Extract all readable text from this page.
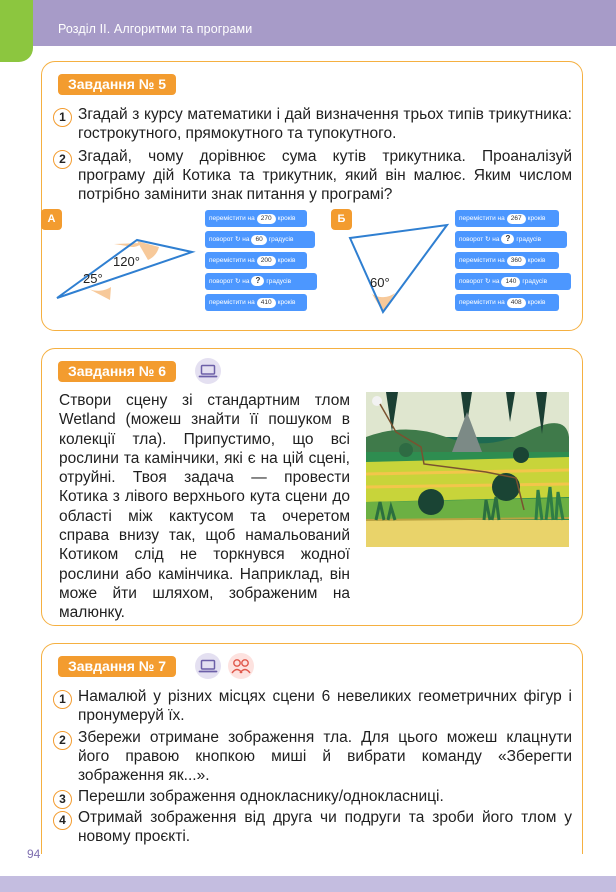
Розділ ІІ. Алгоритми та програми
Завдання № 5
1 Згадай з курсу математики і дай визначення трьох типів трикутника: гострокутного, прямокутного та тупокутного.
2 Згадай, чому дорівнює сума кутів трикутника. Проаналізуй програму дій Котика та трикутник, який він малює. Яким числом потрібно замінити знак питання у програмі?
А
120°
25°
перемістити на 270 кроків
поворот ↻ на 60 градусів
перемістити на 200 кроків
поворот ↻ на ? градусів
перемістити на 410 кроків
Б
60°
перемістити на 267 кроків
поворот ↻ на ? градусів
перемістити на 360 кроків
поворот ↻ на 140 градусів
перемістити на 408 кроків
Завдання № 6
Створи сцену зі стандартним тлом Wetland (можеш знайти її пошуком в колекції тла). Припустимо, що всі рослини та камінчики, які є на цій сцені, отруйні. Твоя задача — провести Котика з лівого верхнього кута сцени до області між кактусом та очеретом справа внизу так, щоб намальований Котиком слід не торкнувся жодної рослини або камінчика. Наприклад, він може йти шляхом, зображеним на малюнку.
Завдання № 7
1 Намалюй у різних місцях сцени 6 невеликих геометричних фігур і пронумеруй їх.
2 Збережи отримане зображення тла. Для цього можеш клацнути його правою кнопкою миші й вибрати команду «Зберегти зображення як...».
3 Перешли зображення однокласнику/однокласниці.
4 Отримай зображення від друга чи подруги та зроби його тлом у новому проєкті.
94
